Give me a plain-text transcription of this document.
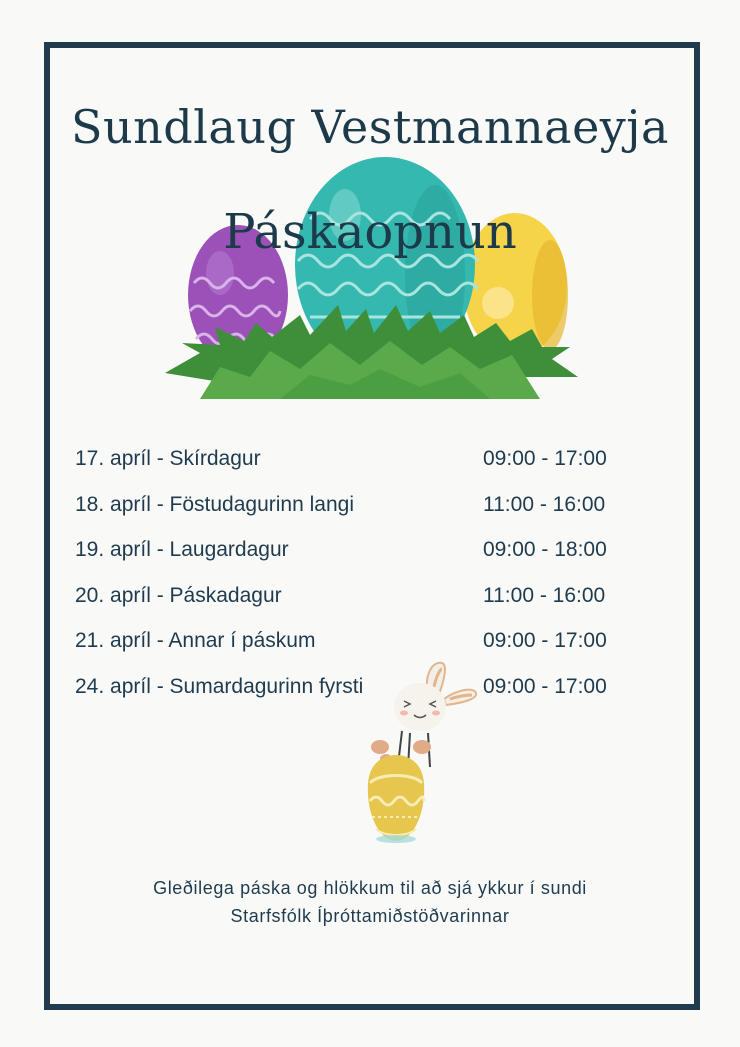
Sundlaug Vestmannaeyja
Páskaopnun
17. apríl - Skírdagur	09:00 - 17:00
18. apríl - Föstudagurinn langi	11:00 - 16:00
19. apríl - Laugardagur	09:00 - 18:00
20. apríl - Páskadagur	11:00 - 16:00
21. apríl - Annar í páskum	09:00 - 17:00
24. apríl - Sumardagurinn fyrsti	09:00 - 17:00
Gleðilega páska og hlökkum til að sjá ykkur í sundi
Starfsfólk Íþróttamiðstöðvarinnar
